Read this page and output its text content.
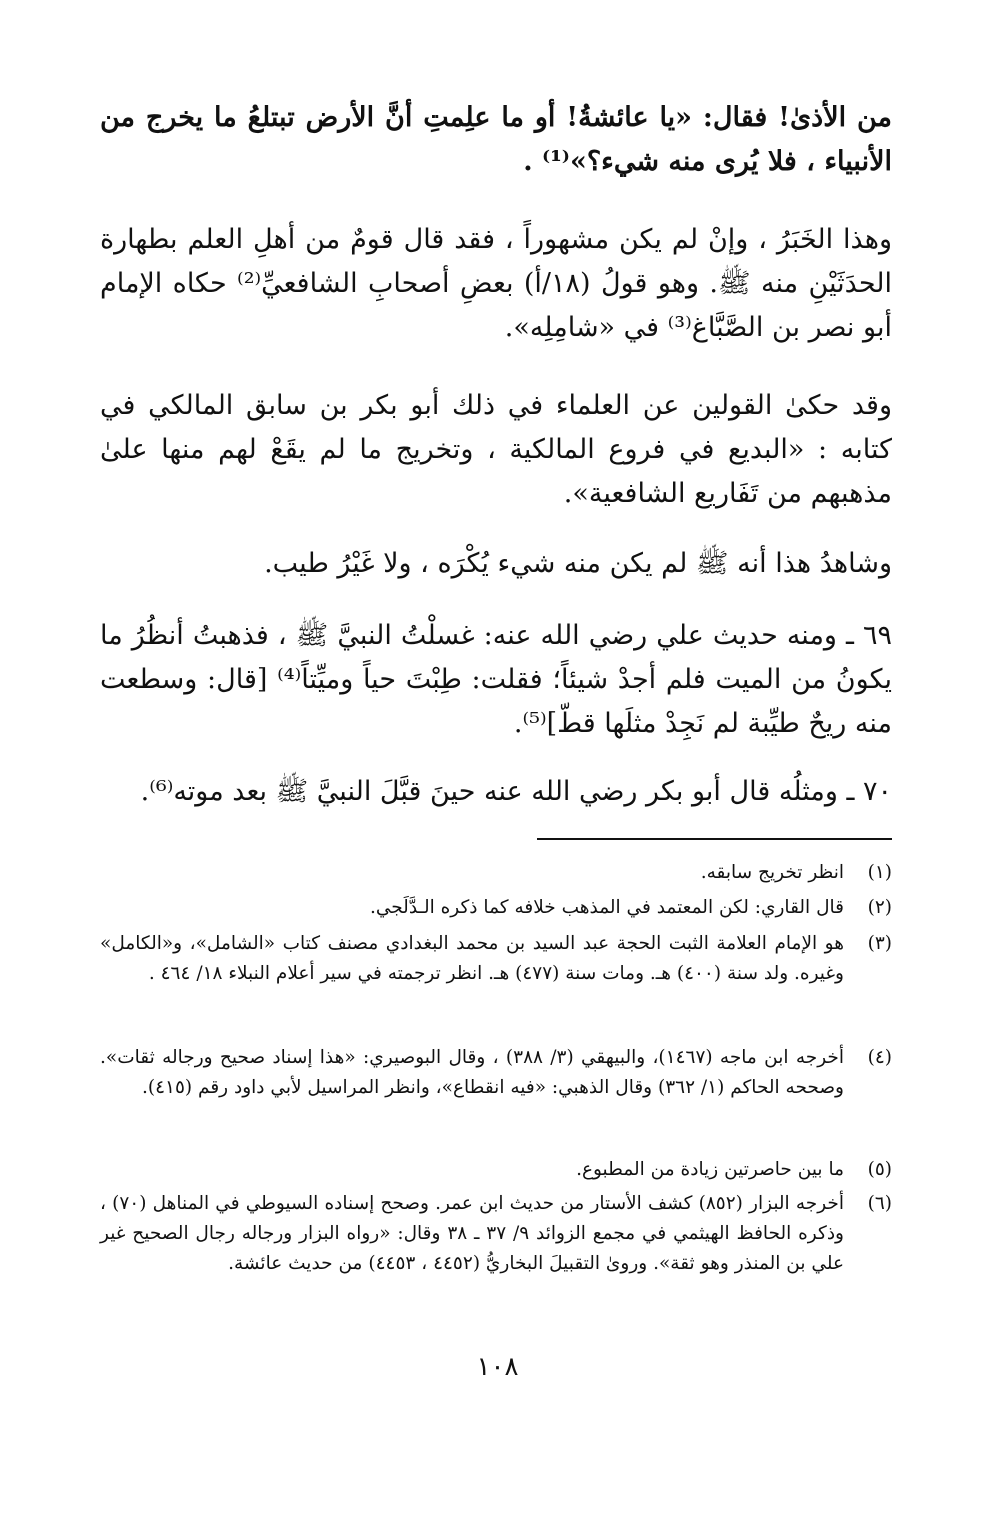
من الأذىٰ! فقال: «يا عائشةُ! أو ما علِمتِ أنَّ الأرض تبتلعُ ما يخرج من الأنبياء ، فلا يُرى منه شيء؟»⁽¹⁾ .

وهذا الخَبَرُ ، وإنْ لم يكن مشهوراً ، فقد قال قومٌ من أهلِ العلم بطهارة الحدَثَيْنِ منه ﷺ. وهو قولُ (١٨/أ) بعضِ أصحابِ الشافعيِّ⁽²⁾ حكاه الإمام أبو نصر بن الصَّبَّاغ⁽³⁾ في «شامِلِه».

وقد حكىٰ القولين عن العلماء في ذلك أبو بكر بن سابق المالكي في كتابه : «البديع في فروع المالكية ، وتخريج ما لم يقَعْ لهم منها علىٰ مذهبهم من تَفَاريع الشافعية».

وشاهدُ هذا أنه ﷺ لم يكن منه شيء يُكْرَه ، ولا غَيْرُ طيب.

٦٩ ـ ومنه حديث علي رضي الله عنه: غسلْتُ النبيَّ ﷺ ، فذهبتُ أنظُرُ ما يكونُ من الميت فلم أجدْ شيئاً؛ فقلت: طِبْتَ حياً وميِّتاً⁽⁴⁾ [قال: وسطعت منه ريحٌ طيِّبة لم نَجِدْ مثلَها قطّ]⁽⁵⁾.

٧٠ ـ ومثلُه قال أبو بكر رضي الله عنه حينَ قبَّلَ النبيَّ ﷺ بعد موته⁽⁶⁾.

(١)
انظر تخريج سابقه.
(٢)
قال القاري: لكن المعتمد في المذهب خلافه كما ذكره الـدَّلَجي.
(٣)
هو الإمام العلامة الثبت الحجة عبد السيد بن محمد البغدادي مصنف كتاب «الشامل»، و«الكامل» وغيره. ولد سنة (٤٠٠) هـ. ومات سنة (٤٧٧) هـ. انظر ترجمته في سير أعلام النبلاء ١٨/ ٤٦٤ .
(٤)
أخرجه ابن ماجه (١٤٦٧)، والبيهقي (٣/ ٣٨٨) ، وقال البوصيري: «هذا إسناد صحيح ورجاله ثقات». وصححه الحاكم (١/ ٣٦٢) وقال الذهبي: «فيه انقطاع»، وانظر المراسيل لأبي داود رقم (٤١٥).
(٥)
ما بين حاصرتين زيادة من المطبوع.
(٦)
أخرجه البزار (٨٥٢) كشف الأستار من حديث ابن عمر. وصحح إسناده السيوطي في المناهل (٧٠) ، وذكره الحافظ الهيثمي في مجمع الزوائد ٩/ ٣٧ ـ ٣٨ وقال: «رواه البزار ورجاله رجال الصحيح غير علي بن المنذر وهو ثقة». وروىٰ التقبيلَ البخاريُّ (٤٤٥٢ ، ٤٤٥٣) من حديث عائشة.
١٠٨
